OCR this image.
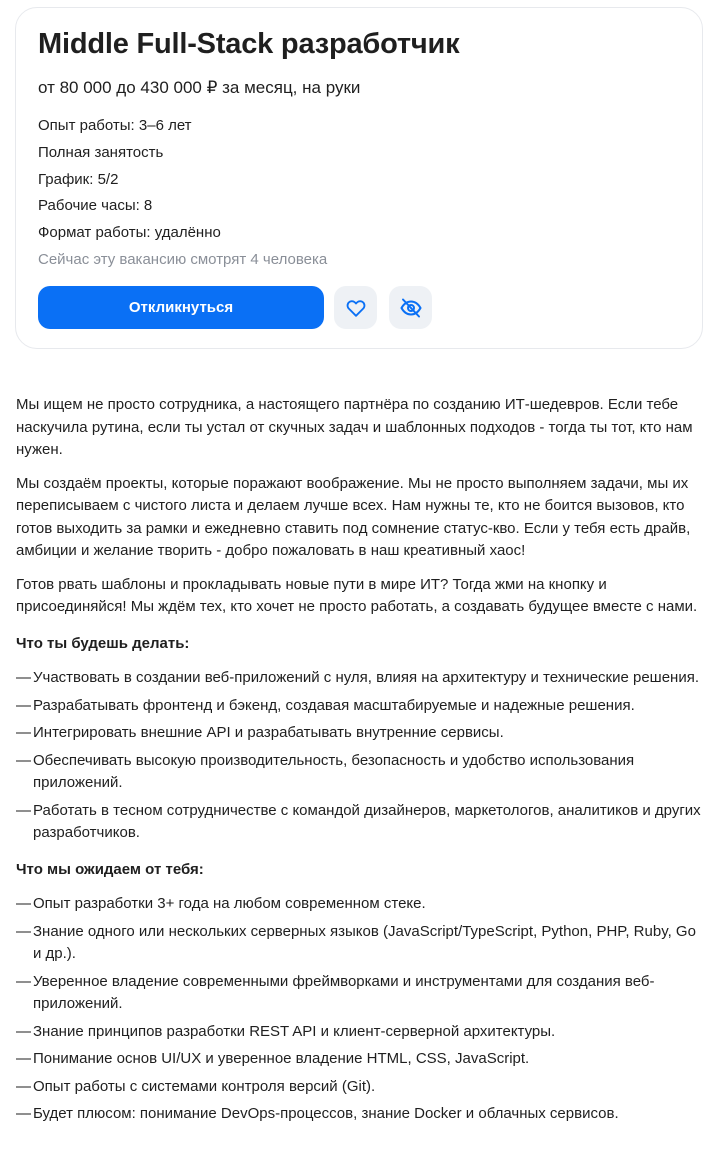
Middle Full-Stack разработчик
от 80 000 до 430 000 ₽ за месяц, на руки
Опыт работы: 3–6 лет
Полная занятость
График: 5/2
Рабочие часы: 8
Формат работы: удалённо
Сейчас эту вакансию смотрят 4 человека
Откликнуться

Мы ищем не просто сотрудника, а настоящего партнёра по созданию ИТ-шедевров. Если тебе наскучила рутина, если ты устал от скучных задач и шаблонных подходов - тогда ты тот, кто нам нужен.

Мы создаём проекты, которые поражают воображение. Мы не просто выполняем задачи, мы их переписываем с чистого листа и делаем лучше всех. Нам нужны те, кто не боится вызовов, кто готов выходить за рамки и ежедневно ставить под сомнение статус-кво. Если у тебя есть драйв, амбиции и желание творить - добро пожаловать в наш креативный хаос!

Готов рвать шаблоны и прокладывать новые пути в мире ИТ? Тогда жми на кнопку и присоединяйся! Мы ждём тех, кто хочет не просто работать, а создавать будущее вместе с нами.

Что ты будешь делать:
— Участвовать в создании веб-приложений с нуля, влияя на архитектуру и технические решения.
— Разрабатывать фронтенд и бэкенд, создавая масштабируемые и надежные решения.
— Интегрировать внешние API и разрабатывать внутренние сервисы.
— Обеспечивать высокую производительность, безопасность и удобство использования приложений.
— Работать в тесном сотрудничестве с командой дизайнеров, маркетологов, аналитиков и других разработчиков.
Что мы ожидаем от тебя:
— Опыт разработки 3+ года на любом современном стеке.
— Знание одного или нескольких серверных языков (JavaScript/TypeScript, Python, PHP, Ruby, Go и др.).
— Уверенное владение современными фреймворками и инструментами для создания веб-приложений.
— Знание принципов разработки REST API и клиент-серверной архитектуры.
— Понимание основ UI/UX и уверенное владение HTML, CSS, JavaScript.
— Опыт работы с системами контроля версий (Git).
— Будет плюсом: понимание DevOps-процессов, знание Docker и облачных сервисов.
